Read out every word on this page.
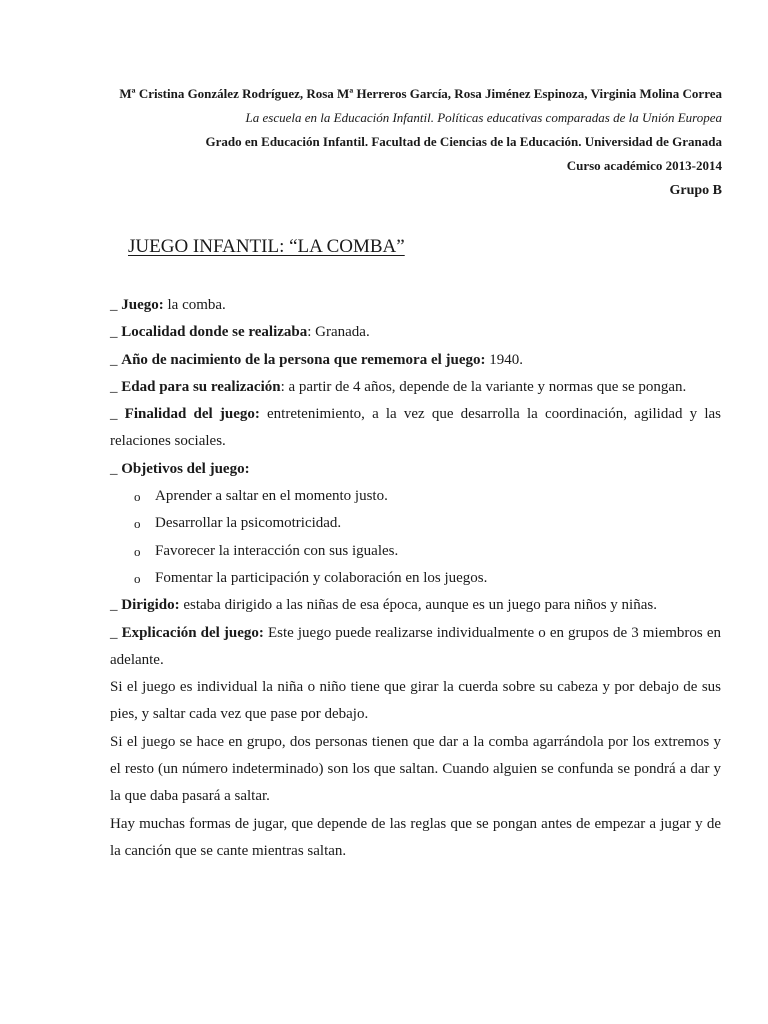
Mª Cristina González Rodríguez, Rosa Mª Herreros García, Rosa Jiménez Espinoza, Virginia Molina Correa
La escuela en la Educación Infantil. Políticas educativas comparadas de la Unión Europea
Grado en Educación Infantil. Facultad de Ciencias de la Educación. Universidad de Granada
Curso académico 2013-2014
Grupo B
JUEGO INFANTIL: “LA COMBA”

_ Juego: la comba.

_ Localidad donde se realizaba: Granada.

_ Año de nacimiento de la persona que rememora el juego: 1940.

_ Edad para su realización: a partir de 4 años, depende de la variante y normas que se pongan.

_ Finalidad del juego: entretenimiento, a la vez que desarrolla la coordinación, agilidad y las relaciones sociales.

_ Objetivos del juego:

o Aprender a saltar en el momento justo.
o Desarrollar la psicomotricidad.
o Favorecer la interacción con sus iguales.
o Fomentar la participación y colaboración en los juegos.

_ Dirigido: estaba dirigido a las niñas de esa época, aunque es un juego para niños y niñas.

_ Explicación del juego: Este juego puede realizarse individualmente o en grupos de 3 miembros en adelante.

Si el juego es individual la niña o niño tiene que girar la cuerda sobre su cabeza y por debajo de sus pies, y saltar cada vez que pase por debajo.

Si el juego se hace en grupo, dos personas tienen que dar a la comba agarrándola por los extremos y el resto (un número indeterminado) son los que saltan. Cuando alguien se confunda se pondrá a dar y la que daba pasará a saltar.

Hay muchas formas de jugar, que depende de las reglas que se pongan antes de empezar a jugar y de la canción que se cante mientras saltan.
